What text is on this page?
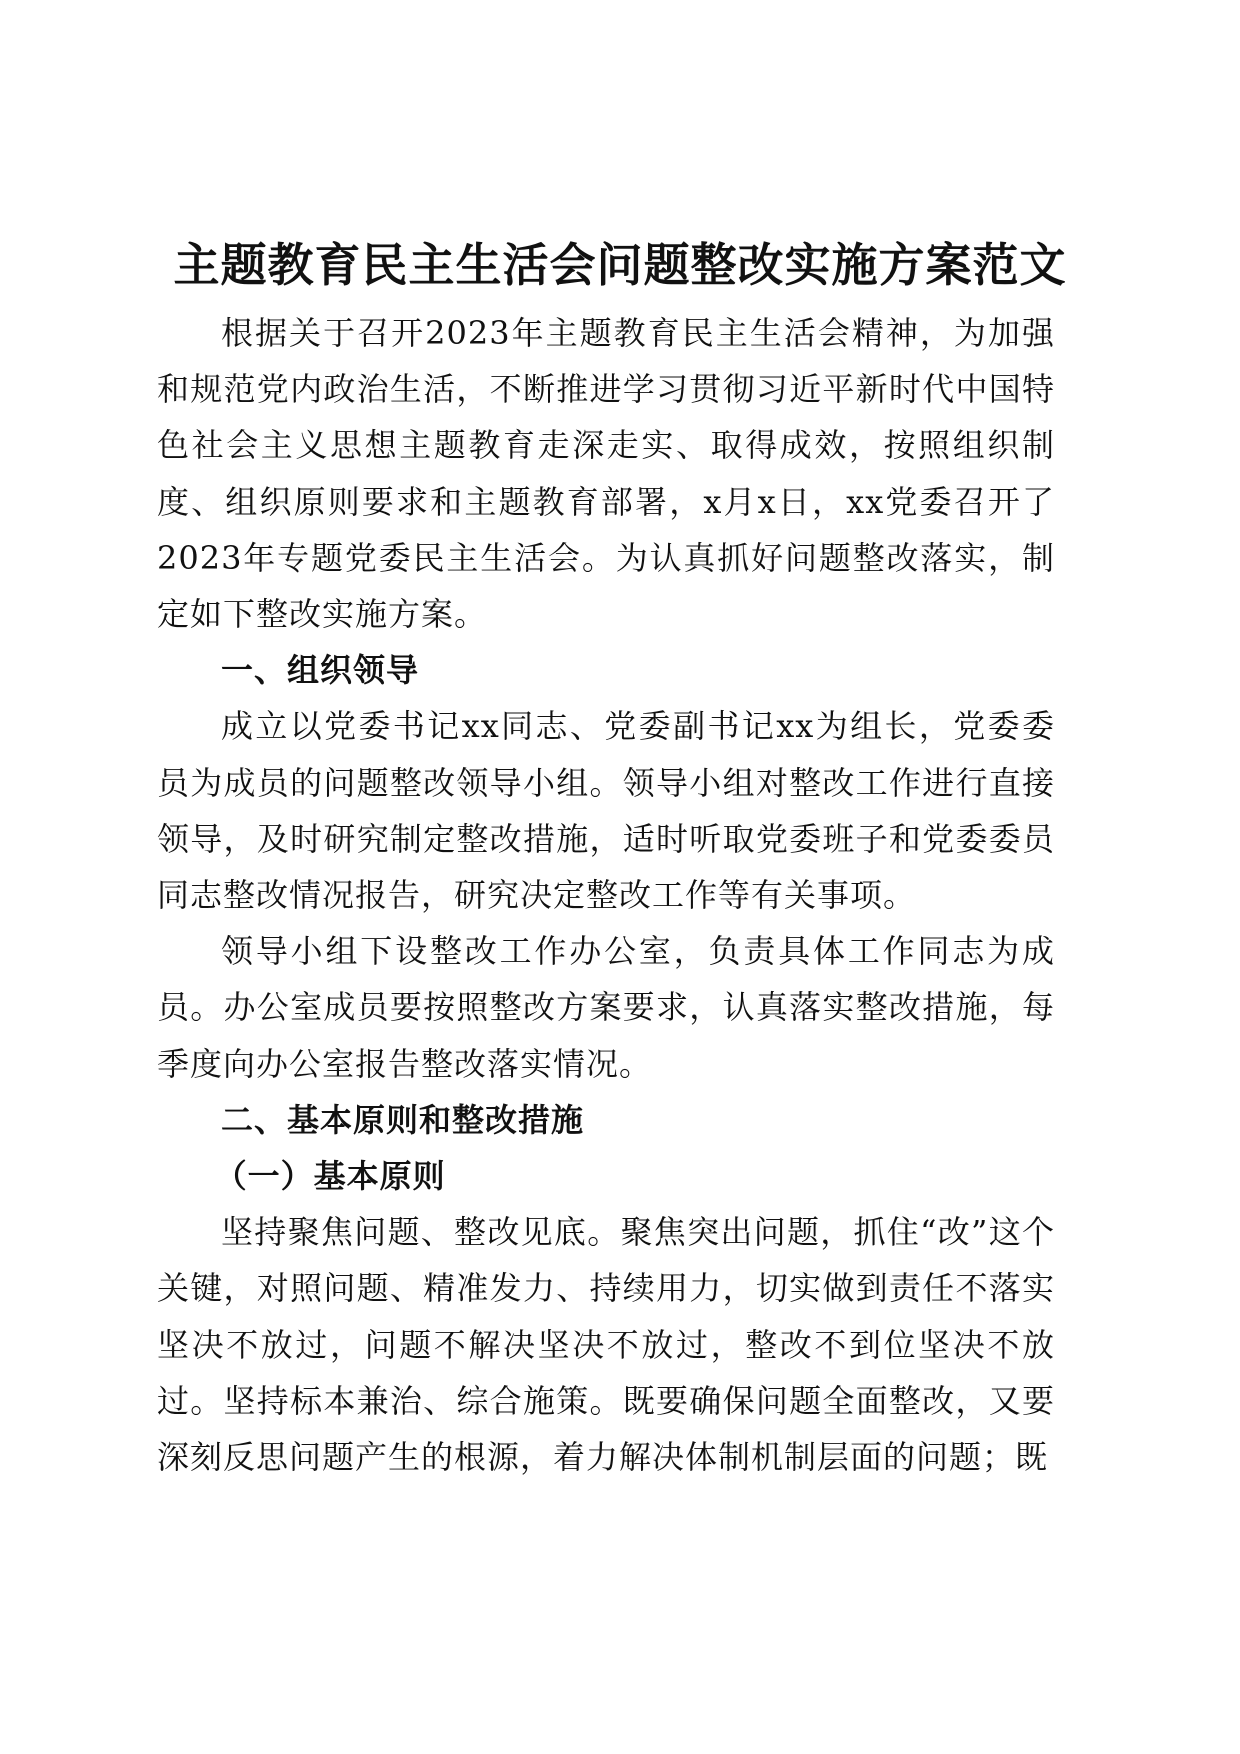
主题教育民主生活会问题整改实施方案范文

根据关于召开2023年主题教育民主生活会精神，为加强和规范党内政治生活，不断推进学习贯彻习近平新时代中国特色社会主义思想主题教育走深走实、取得成效，按照组织制度、组织原则要求和主题教育部署，x月x日，xx党委召开了2023年专题党委民主生活会。为认真抓好问题整改落实，制定如下整改实施方案。

一、组织领导

成立以党委书记xx同志、党委副书记xx为组长，党委委员为成员的问题整改领导小组。领导小组对整改工作进行直接领导，及时研究制定整改措施，适时听取党委班子和党委委员同志整改情况报告，研究决定整改工作等有关事项。

领导小组下设整改工作办公室，负责具体工作同志为成员。办公室成员要按照整改方案要求，认真落实整改措施，每季度向办公室报告整改落实情况。

二、基本原则和整改措施
（一）基本原则

坚持聚焦问题、整改见底。聚焦突出问题，抓住“改”这个关键，对照问题、精准发力、持续用力，切实做到责任不落实坚决不放过，问题不解决坚决不放过，整改不到位坚决不放过。坚持标本兼治、综合施策。既要确保问题全面整改，又要深刻反思问题产生的根源，着力解决体制机制层面的问题；既
